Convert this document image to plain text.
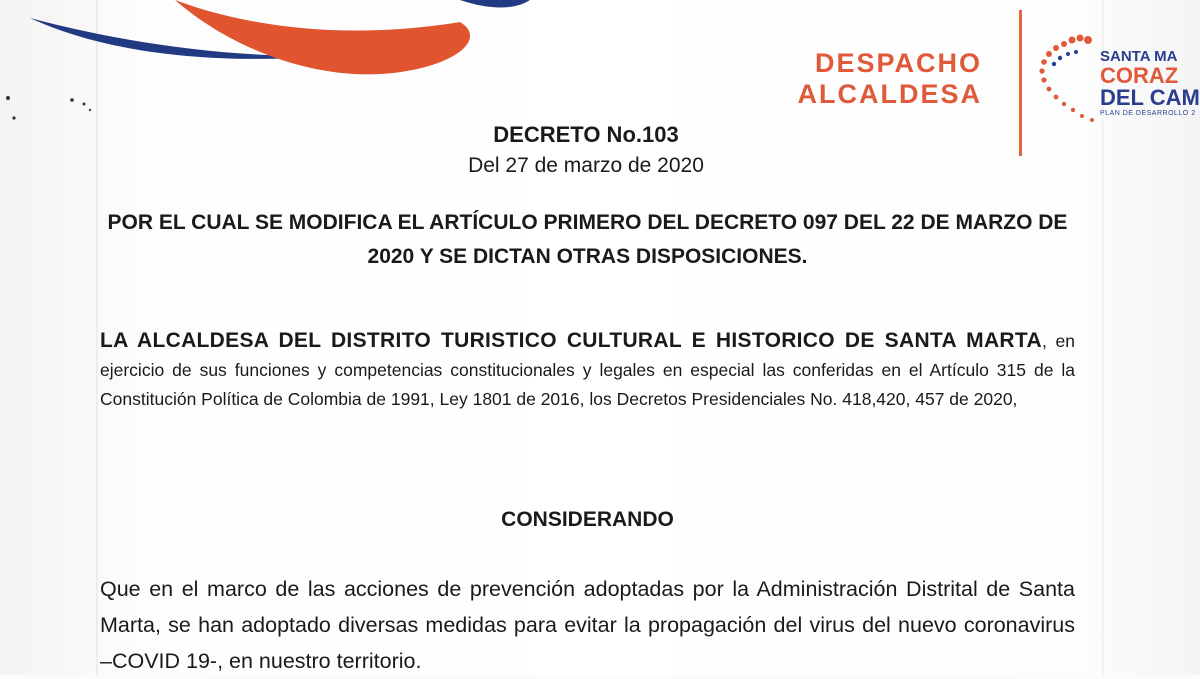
DESPACHO
ALCALDESA
SANTA MA
CORAZ
DEL CAM
PLAN DE DESARROLLO 2
DECRETO No.103
Del 27 de marzo de 2020
POR EL CUAL SE MODIFICA EL ARTÍCULO PRIMERO DEL DECRETO 097 DEL 22 DE MARZO DE 2020 Y SE DICTAN OTRAS DISPOSICIONES.
LA ALCALDESA DEL DISTRITO TURISTICO CULTURAL E HISTORICO DE SANTA MARTA, en ejercicio de sus funciones y competencias constitucionales y legales en especial las conferidas en el Artículo 315 de la Constitución Política de Colombia de 1991, Ley 1801 de 2016, los Decretos Presidenciales No. 418,420, 457 de 2020,
CONSIDERANDO
Que en el marco de las acciones de prevención adoptadas por la Administración Distrital de Santa Marta, se han adoptado diversas medidas para evitar la propagación del virus del nuevo coronavirus –COVID 19-, en nuestro territorio.
